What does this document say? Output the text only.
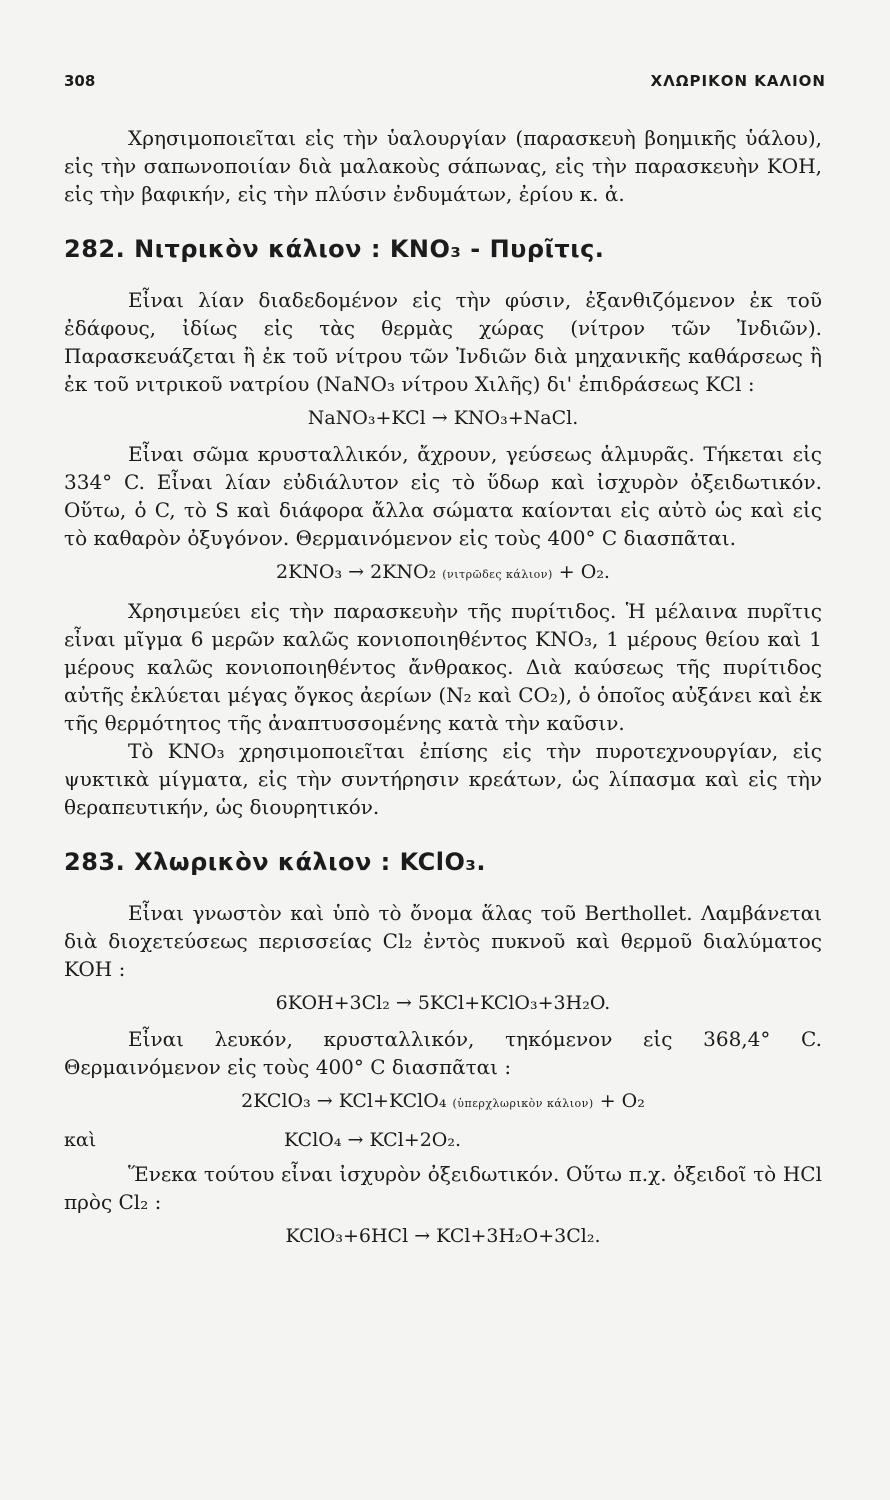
308	ΧΛΩΡΙΚΟΝ ΚΑΛΙΟΝ

Χρησιμοποιεῖται εἰς τὴν ὑαλουργίαν (παρασκευὴ βοημικῆς ὑάλου), εἰς τὴν σαπωνοποιίαν διὰ μαλακοὺς σάπωνας, εἰς τὴν παρασκευὴν ΚΟΗ, εἰς τὴν βαφικήν, εἰς τὴν πλύσιν ἐνδυμάτων, ἐρίου κ. ἀ.

282. Νιτρικὸν κάλιον : ΚΝΟ₃ - Πυρῖτις.

Εἶναι λίαν διαδεδομένον εἰς τὴν φύσιν, ἐξανθιζόμενον ἐκ τοῦ ἐδάφους, ἰδίως εἰς τὰς θερμὰς χώρας (νίτρον τῶν Ἰνδιῶν). Παρασκευάζεται ἢ ἐκ τοῦ νίτρου τῶν Ἰνδιῶν διὰ μηχανικῆς καθάρσεως ἢ ἐκ τοῦ νιτρικοῦ νατρίου (NaNO₃ νίτρου Χιλῆς) δι' ἐπιδράσεως KCl :

NaNO₃+KCl → KNO₃+NaCl.

Εἶναι σῶμα κρυσταλλικόν, ἄχρουν, γεύσεως ἁλμυρᾶς. Τήκεται εἰς 334° C. Εἶναι λίαν εὐδιάλυτον εἰς τὸ ὕδωρ καὶ ἰσχυρὸν ὀξειδωτικόν. Οὕτω, ὁ C, τὸ S καὶ διάφορα ἄλλα σώματα καίονται εἰς αὐτὸ ὡς καὶ εἰς τὸ καθαρὸν ὀξυγόνον. Θερμαινόμενον εἰς τοὺς 400° C διασπᾶται.

2KNO₃ → 2KNO₂ (νιτρῶδες κάλιον) + O₂.

Χρησιμεύει εἰς τὴν παρασκευὴν τῆς πυρίτιδος. Ἡ μέλαινα πυρῖτις εἶναι μῖγμα 6 μερῶν καλῶς κονιοποιηθέντος KNO₃, 1 μέρους θείου καὶ 1 μέρους καλῶς κονιοποιηθέντος ἄνθρακος. Διὰ καύσεως τῆς πυρίτιδος αὐτῆς ἐκλύεται μέγας ὄγκος ἀερίων (N₂ καὶ CO₂), ὁ ὁποῖος αὐξάνει καὶ ἐκ τῆς θερμότητος τῆς ἀναπτυσσομένης κατὰ τὴν καῦσιν.

Τὸ KNO₃ χρησιμοποιεῖται ἐπίσης εἰς τὴν πυροτεχνουργίαν, εἰς ψυκτικὰ μίγματα, εἰς τὴν συντήρησιν κρεάτων, ὡς λίπασμα καὶ εἰς τὴν θεραπευτικήν, ὡς διουρητικόν.

283. Χλωρικὸν κάλιον : KClO₃.

Εἶναι γνωστὸν καὶ ὑπὸ τὸ ὄνομα ἅλας τοῦ Berthollet. Λαμβάνεται διὰ διοχετεύσεως περισσείας Cl₂ ἐντὸς πυκνοῦ καὶ θερμοῦ διαλύματος KOH :

6KOH+3Cl₂ → 5KCl+KClO₃+3H₂O.

Εἶναι λευκόν, κρυσταλλικόν, τηκόμενον εἰς 368,4° C. Θερμαινόμενον εἰς τοὺς 400° C διασπᾶται :

2KClO₃ → KCl+KClO₄ (ὑπερχλωρικὸν κάλιον) + O₂
καὶ	KClO₄ → KCl+2O₂.

Ἕνεκα τούτου εἶναι ἰσχυρὸν ὀξειδωτικόν. Οὕτω π.χ. ὀξειδοῖ τὸ HCl πρὸς Cl₂ :

KClO₃+6HCl → KCl+3H₂O+3Cl₂.
